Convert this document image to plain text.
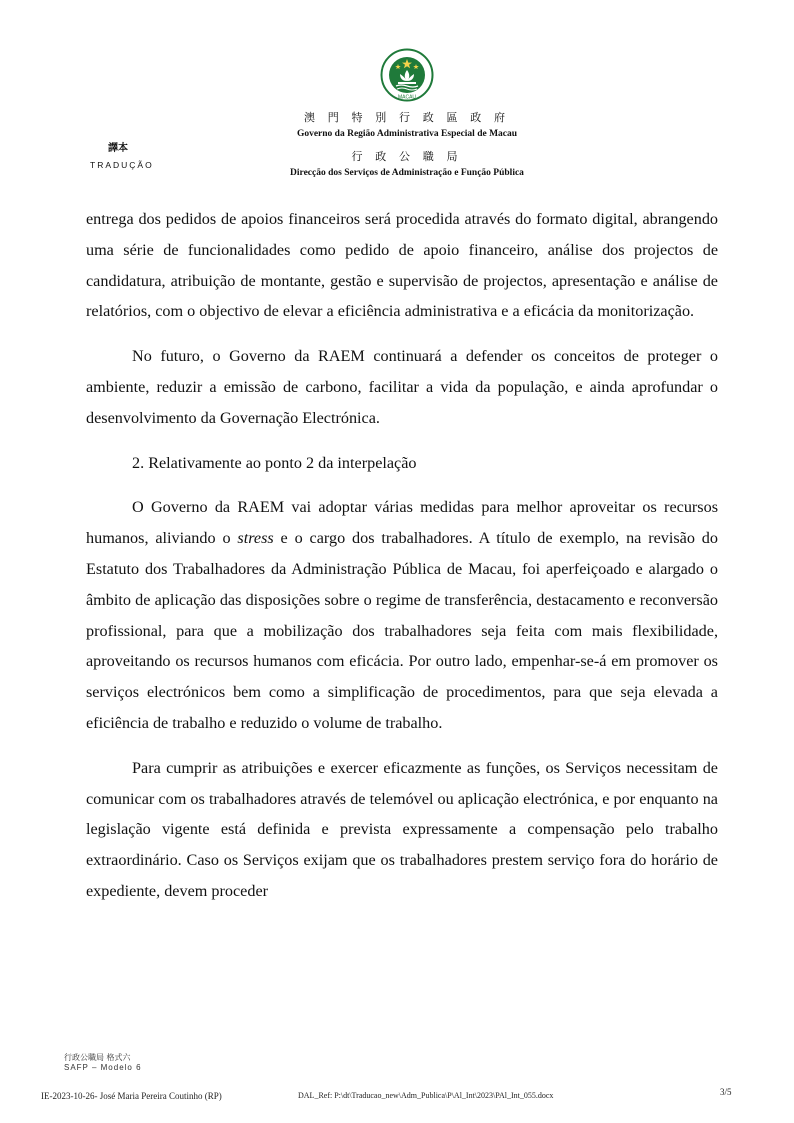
MACAU
澳 門 特 別 行 政 區 政 府
Governo da Região Administrativa Especial de Macau
行 政 公 職 局
Direcção dos Serviços de Administração e Função Pública
譯本
TRADUÇÃO

entrega dos pedidos de apoios financeiros será procedida através do formato digital, abrangendo uma série de funcionalidades como pedido de apoio financeiro, análise dos projectos de candidatura, atribuição de montante, gestão e supervisão de projectos, apresentação e análise de relatórios, com o objectivo de elevar a eficiência administrativa e a eficácia da monitorização.

No futuro, o Governo da RAEM continuará a defender os conceitos de proteger o ambiente, reduzir a emissão de carbono, facilitar a vida da população, e ainda aprofundar o desenvolvimento da Governação Electrónica.

2. Relativamente ao ponto 2 da interpelação

O Governo da RAEM vai adoptar várias medidas para melhor aproveitar os recursos humanos, aliviando o stress e o cargo dos trabalhadores. A título de exemplo, na revisão do Estatuto dos Trabalhadores da Administração Pública de Macau, foi aperfeiçoado e alargado o âmbito de aplicação das disposições sobre o regime de transferência, destacamento e reconversão profissional, para que a mobilização dos trabalhadores seja feita com mais flexibilidade, aproveitando os recursos humanos com eficácia. Por outro lado, empenhar-se-á em promover os serviços electrónicos bem como a simplificação de procedimentos, para que seja elevada a eficiência de trabalho e reduzido o volume de trabalho.

Para cumprir as atribuições e exercer eficazmente as funções, os Serviços necessitam de comunicar com os trabalhadores através de telemóvel ou aplicação electrónica, e por enquanto na legislação vigente está definida e prevista expressamente a compensação pelo trabalho extraordinário. Caso os Serviços exijam que os trabalhadores prestem serviço fora do horário de expediente, devem proceder

行政公職局 格式六
SAFP – Modelo 6
IE-2023-10-26- José Maria Pereira Coutinho (RP)	DAL_Ref: P:\dt\Traducao_new\Adm_Publica\P\Al_Int\2023\PAl_Int_055.docx	3/5
